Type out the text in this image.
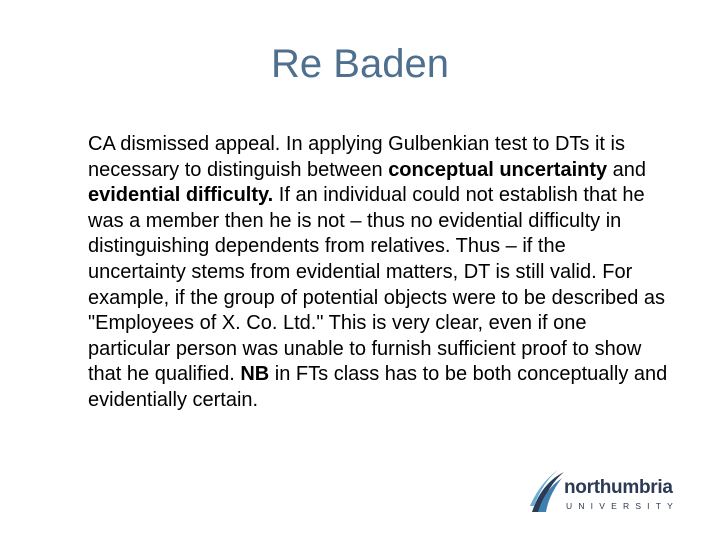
Re Baden
CA dismissed appeal. In applying Gulbenkian test to DTs it is necessary to distinguish between conceptual uncertainty and evidential difficulty. If an individual could not establish that he was a member then he is not – thus no evidential difficulty in distinguishing dependents from relatives. Thus – if the uncertainty stems from evidential matters, DT is still valid. For example, if the group of potential objects were to be described as "Employees of X. Co. Ltd." This is very clear, even if one particular person was unable to furnish sufficient proof to show that he qualified. NB in FTs class has to be both conceptually and evidentially certain.
northumbria
UNIVERSITY
